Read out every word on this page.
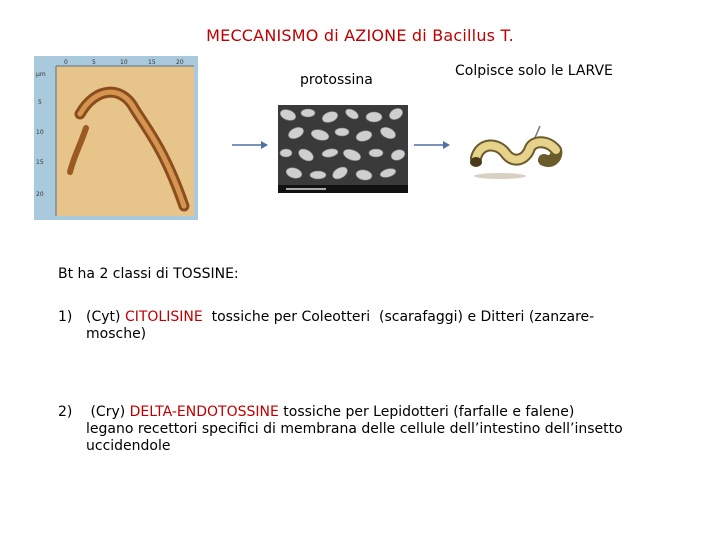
MECCANISMO di AZIONE di Bacillus T.
μm
0	5	10	15	20
5
10
15
20
protossina
Colpisce solo le LARVE
Bt ha 2 classi di TOSSINE:
1) (Cyt) CITOLISINE  tossiche per Coleotteri  (scarafaggi) e Ditteri (zanzare-
mosche)
2) (Cry) DELTA-ENDOTOSSINE tossiche per Lepidotteri (farfalle e falene)
legano recettori specifici di membrana delle cellule dell’intestino dell’insetto
uccidendole
